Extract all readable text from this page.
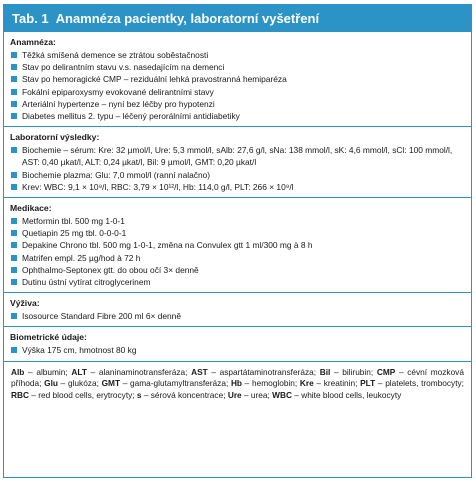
Tab. 1 Anamnéza pacientky, laboratorní vyšetření
Anamnéza:
Těžká smíšená demence se ztrátou soběstačnosti
Stav po delirantním stavu v.s. nasedajícím na demenci
Stav po hemoragické CMP – reziduální lehká pravostranná hemiparéza
Fokální epiparoxysmy evokované delirantními stavy
Arteriální hypertenze – nyní bez léčby pro hypotenzi
Diabetes mellitus 2. typu – léčený perorálními antidiabetiky
Laboratorní výsledky:
Biochemie – sérum: Kre: 32 µmol/l, Ure: 5,3 mmol/l, sAlb: 27,6 g/l, sNa: 138 mmol/l, sK: 4,6 mmol/l, sCl: 100 mmol/l, AST: 0,40 µkat/l, ALT: 0,24 µkat/l, Bil: 9 µmol/l, GMT: 0,20 µkat/l
Biochemie plazma: Glu: 7,0 mmol/l (ranní nalačno)
Krev: WBC: 9,1 × 10⁹/l, RBC: 3,79 × 10¹²/l, Hb: 114,0 g/l, PLT: 266 × 10⁹/l
Medikace:
Metformin tbl. 500 mg 1-0-1
Quetiapin 25 mg tbl. 0-0-0-1
Depakine Chrono tbl. 500 mg 1-0-1, změna na Convulex gtt 1 ml/300 mg à 8 h
Matrifen empl. 25 µg/hod à 72 h
Ophthalmo-Septonex gtt. do obou očí 3× denně
Dutinu ústní vytírat citroglycerinem
Výživa:
Isosource Standard Fibre 200 ml 6× denně
Biometrické údaje:
Výška 175 cm, hmotnost 80 kg
Alb – albumin; ALT – alaninaminotransferáza; AST – aspartátaminotransferáza; Bil – bilirubin; CMP – cévní mozková příhoda; Glu – glukóza; GMT – gama-glutamyltransferáza; Hb – hemoglobin; Kre – kreatinin; PLT – platelets, trombocyty; RBC – red blood cells, erytrocyty; s – sérová koncentrace; Ure – urea; WBC – white blood cells, leukocyty
